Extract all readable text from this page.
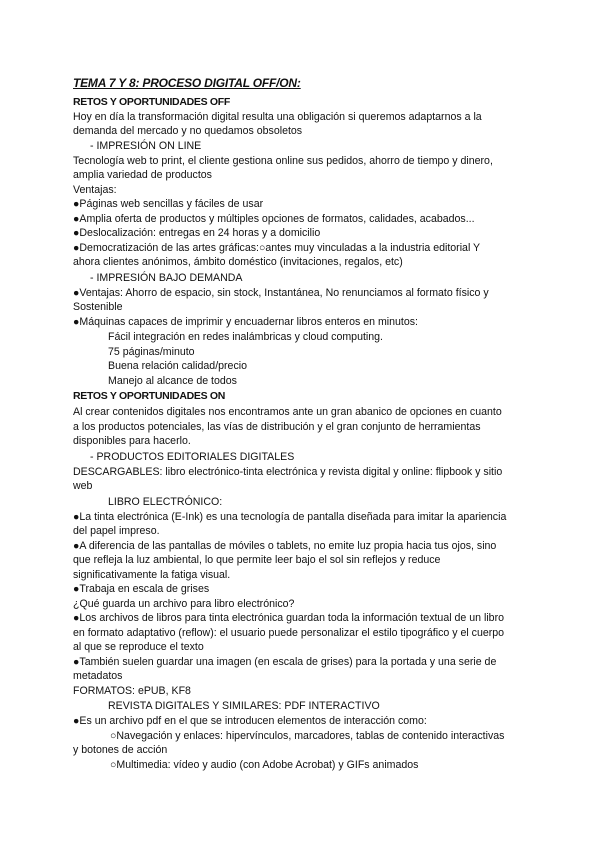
TEMA 7 Y 8: PROCESO DIGITAL OFF/ON:
RETOS Y OPORTUNIDADES OFF
Hoy en día la transformación digital resulta una obligación si queremos adaptarnos a la
demanda del mercado y no quedamos obsoletos
- IMPRESIÓN ON LINE
Tecnología web to print, el cliente gestiona online sus pedidos, ahorro de tiempo y dinero,
amplia variedad de productos
Ventajas:
●Páginas web sencillas y fáciles de usar
●Amplia oferta de productos y múltiples opciones de formatos, calidades, acabados...
●Deslocalización: entregas en 24 horas y a domicilio
●Democratización de las artes gráficas:○antes muy vinculadas a la industria editorial Y
ahora clientes anónimos, ámbito doméstico (invitaciones, regalos, etc)
- IMPRESIÓN BAJO DEMANDA
●Ventajas: Ahorro de espacio, sin stock, Instantánea, No renunciamos al formato físico y
Sostenible
●Máquinas capaces de imprimir y encuadernar libros enteros en minutos:
Fácil integración en redes inalámbricas y cloud computing.
75 páginas/minuto
Buena relación calidad/precio
Manejo al alcance de todos
RETOS Y OPORTUNIDADES ON
Al crear contenidos digitales nos encontramos ante un gran abanico de opciones en cuanto
a los productos potenciales, las vías de distribución y el gran conjunto de herramientas
disponibles para hacerlo.
- PRODUCTOS EDITORIALES DIGITALES
DESCARGABLES: libro electrónico-tinta electrónica y revista digital y online: flipbook y sitio
web
LIBRO ELECTRÓNICO:
●La tinta electrónica (E-Ink) es una tecnología de pantalla diseñada para imitar la apariencia
del papel impreso.
●A diferencia de las pantallas de móviles o tablets, no emite luz propia hacia tus ojos, sino
que refleja la luz ambiental, lo que permite leer bajo el sol sin reflejos y reduce
significativamente la fatiga visual.
●Trabaja en escala de grises
¿Qué guarda un archivo para libro electrónico?
●Los archivos de libros para tinta electrónica guardan toda la información textual de un libro
en formato adaptativo (reflow): el usuario puede personalizar el estilo tipográfico y el cuerpo
al que se reproduce el texto
●También suelen guardar una imagen (en escala de grises) para la portada y una serie de
metadatos
FORMATOS: ePUB, KF8
REVISTA DIGITALES Y SIMILARES: PDF INTERACTIVO
●Es un archivo pdf en el que se introducen elementos de interacción como:
○Navegación y enlaces: hipervínculos, marcadores, tablas de contenido interactivas
y botones de acción
○Multimedia: vídeo y audio (con Adobe Acrobat) y GIFs animados
